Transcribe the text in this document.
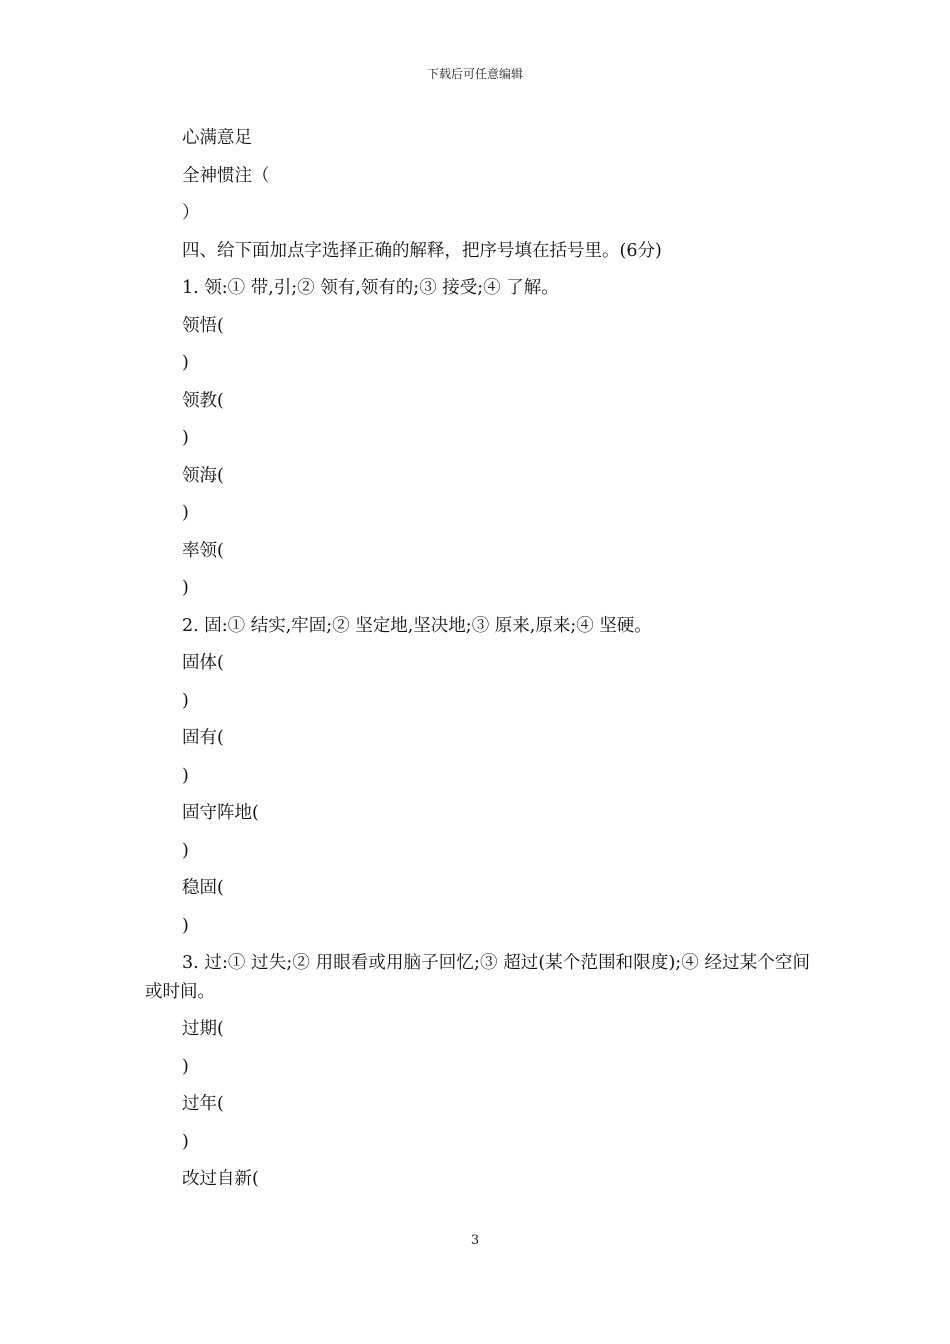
下载后可任意编辑
心满意足
全神惯注（
）
四、给下面加点字选择正确的解释，把序号填在括号里。(6分)
1. 领:① 带,引;② 领有,领有的;③ 接受;④ 了解。
领悟(
)
领教(
)
领海(
)
率领(
)
2. 固:① 结实,牢固;② 坚定地,坚决地;③ 原来,原来;④ 坚硬。
固体(
)
固有(
)
固守阵地(
)
稳固(
)
3. 过:① 过失;② 用眼看或用脑子回忆;③ 超过(某个范围和限度);④ 经过某个空间或时间。
过期(
)
过年(
)
改过自新(
3
